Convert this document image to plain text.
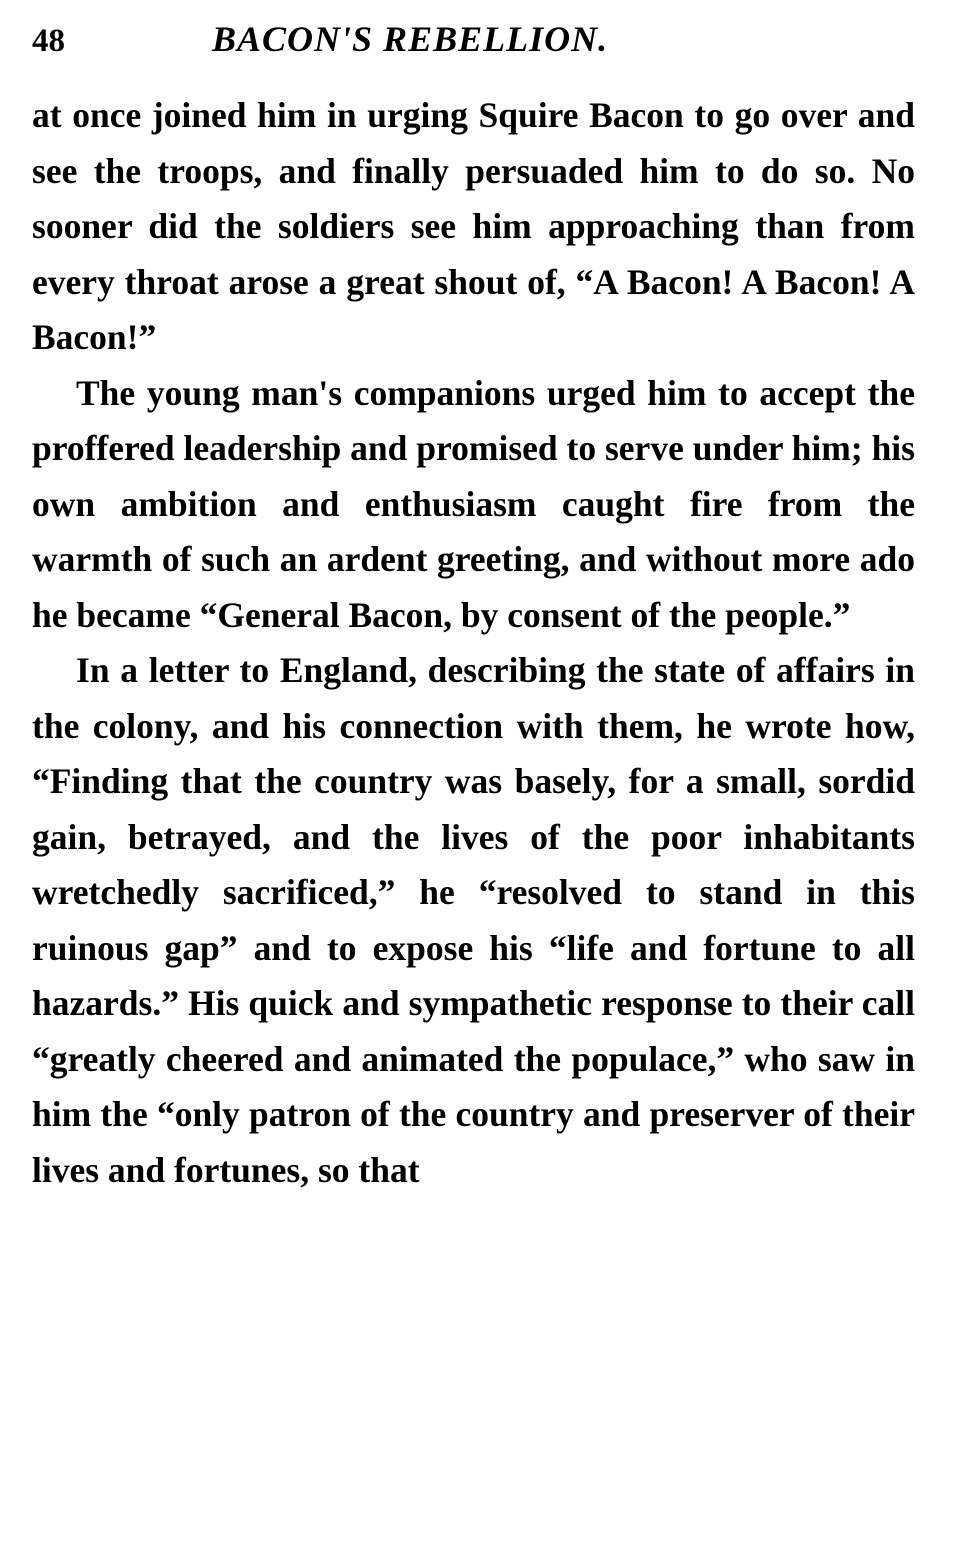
48	BACON'S REBELLION.

at once joined him in urging Squire Bacon to go over and see the troops, and finally persuaded him to do so. No sooner did the soldiers see him approaching than from every throat arose a great shout of, “A Bacon! A Bacon! A Bacon!”

The young man's companions urged him to accept the proffered leadership and promised to serve under him; his own ambition and enthusiasm caught fire from the warmth of such an ardent greeting, and without more ado he became “General Bacon, by consent of the people.”

In a letter to England, describing the state of affairs in the colony, and his connection with them, he wrote how, “Finding that the country was basely, for a small, sordid gain, betrayed, and the lives of the poor inhabitants wretchedly sacrificed,” he “resolved to stand in this ruinous gap” and to expose his “life and fortune to all hazards.” His quick and sympathetic response to their call “greatly cheered and animated the populace,” who saw in him the “only patron of the country and preserver of their lives and fortunes, so that
